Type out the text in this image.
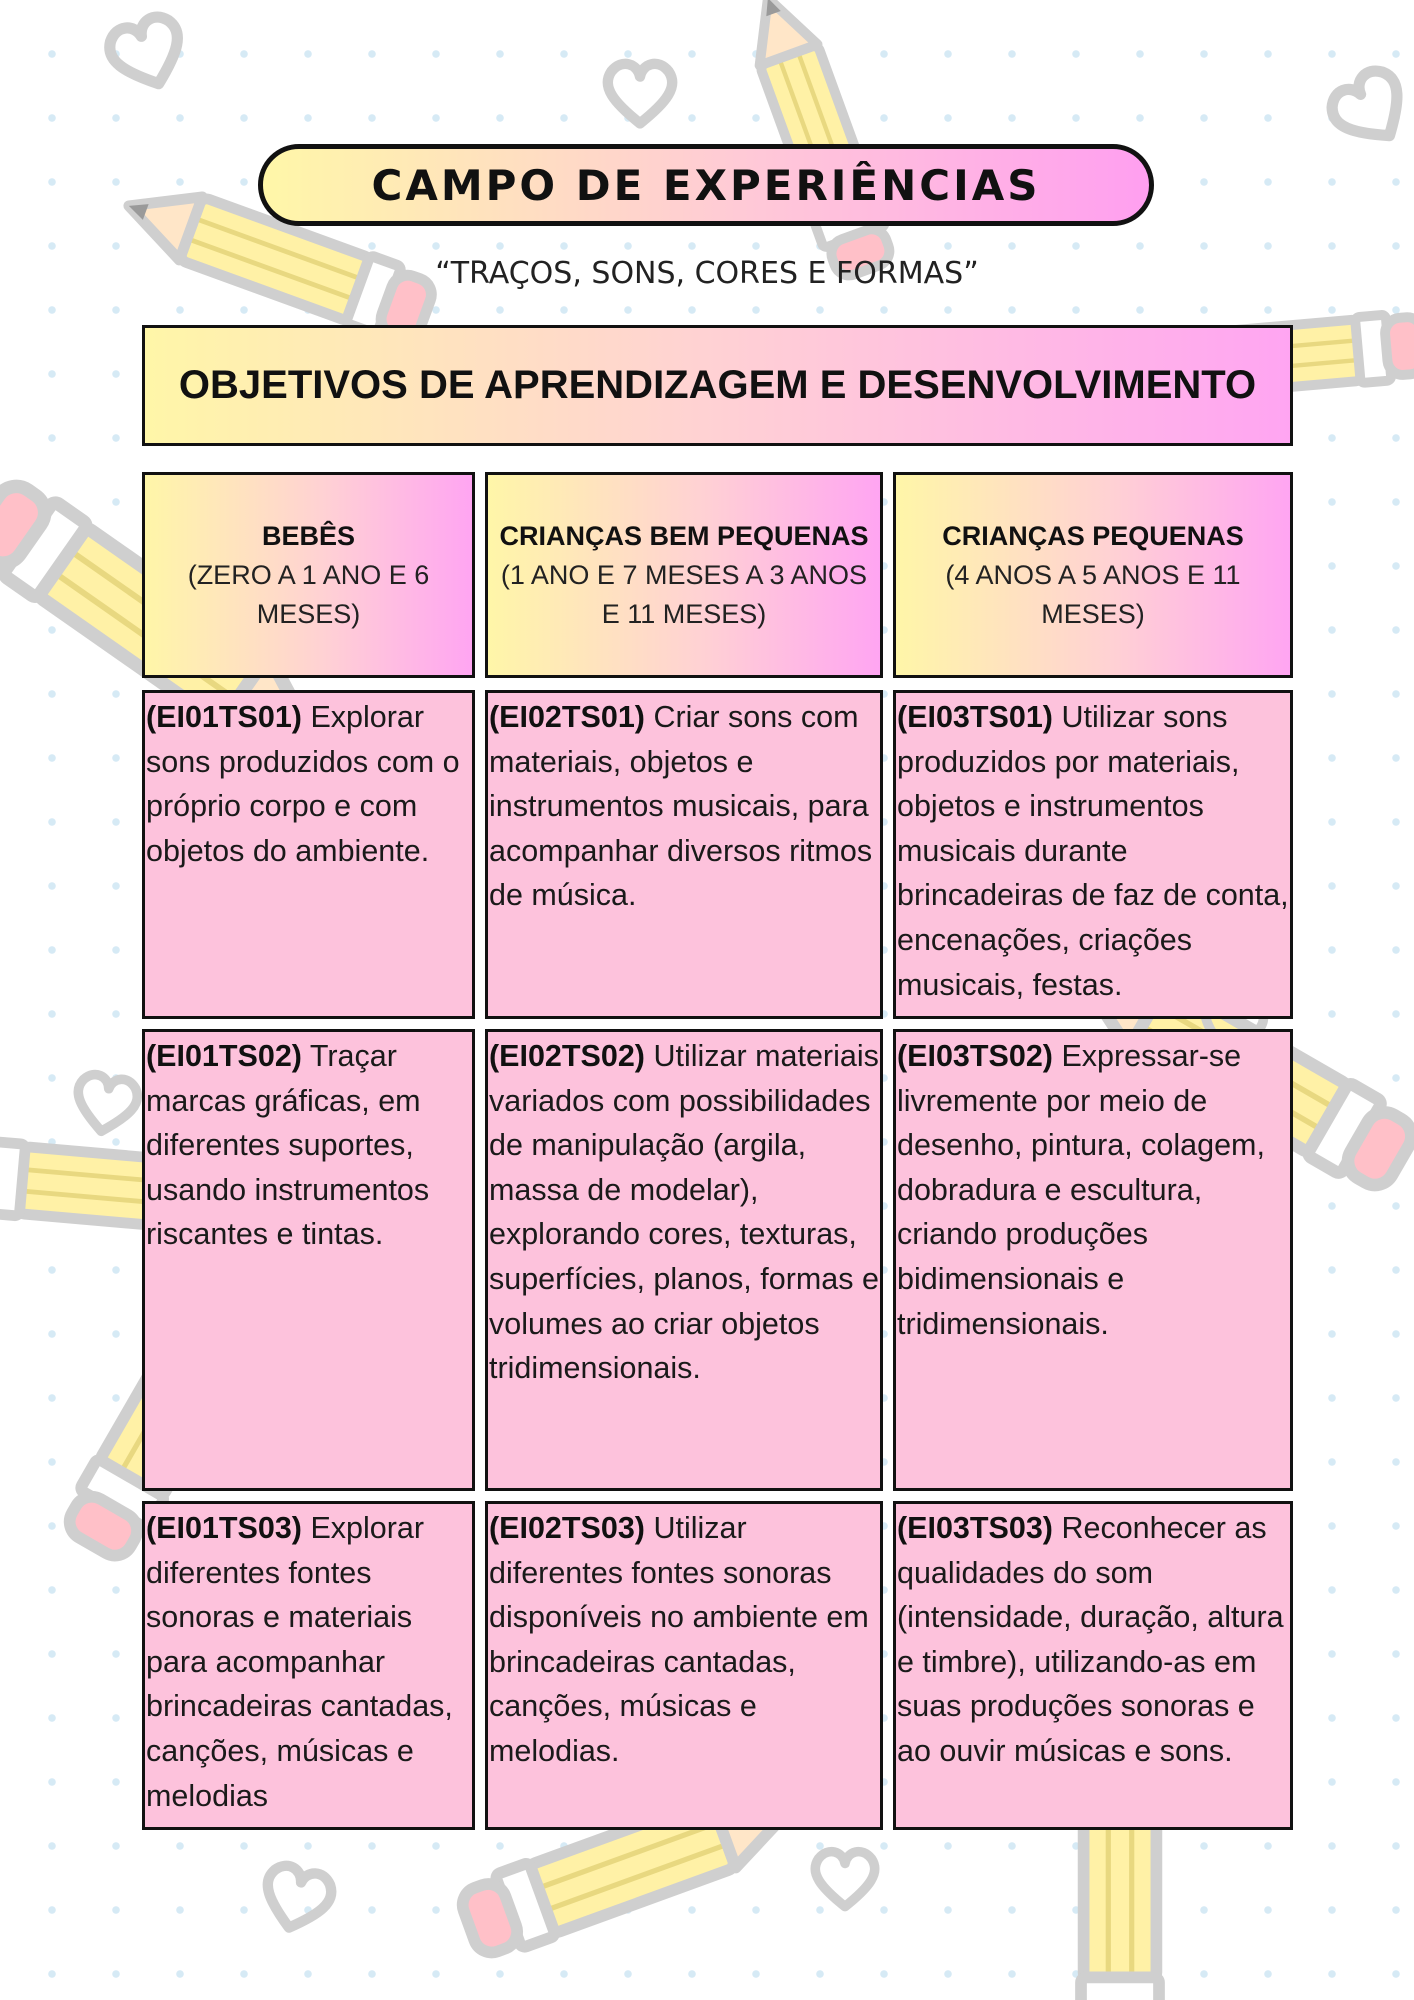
CAMPO DE EXPERIÊNCIAS
“TRAÇOS, SONS, CORES E FORMAS”
OBJETIVOS DE APRENDIZAGEM E DESENVOLVIMENTO
BEBÊS
(ZERO A 1 ANO E 6
MESES)
CRIANÇAS BEM PEQUENAS
(1 ANO E 7 MESES A 3 ANOS
E 11 MESES)
CRIANÇAS PEQUENAS
(4 ANOS A 5 ANOS E 11
MESES)
(EI01TS01) Explorar sons produzidos com o próprio corpo e com objetos do ambiente.
(EI02TS01) Criar sons com materiais, objetos e instrumentos musicais, para acompanhar diversos ritmos de música.
(EI03TS01) Utilizar sons produzidos por materiais, objetos e instrumentos musicais durante brincadeiras de faz de conta, encenações, criações musicais, festas.
(EI01TS02) Traçar marcas gráficas, em diferentes suportes, usando instrumentos riscantes e tintas.
(EI02TS02) Utilizar materiais variados com possibilidades de manipulação (argila, massa de modelar), explorando cores, texturas, superfícies, planos, formas e volumes ao criar objetos tridimensionais.
(EI03TS02) Expressar-se livremente por meio de desenho, pintura, colagem, dobradura e escultura, criando produções bidimensionais e tridimensionais.
(EI01TS03) Explorar diferentes fontes sonoras e materiais para acompanhar brincadeiras cantadas, canções, músicas e melodias
(EI02TS03) Utilizar diferentes fontes sonoras disponíveis no ambiente em brincadeiras cantadas, canções, músicas e melodias.
(EI03TS03) Reconhecer as qualidades do som (intensidade, duração, altura e timbre), utilizando-as em suas produções sonoras e ao ouvir músicas e sons.
